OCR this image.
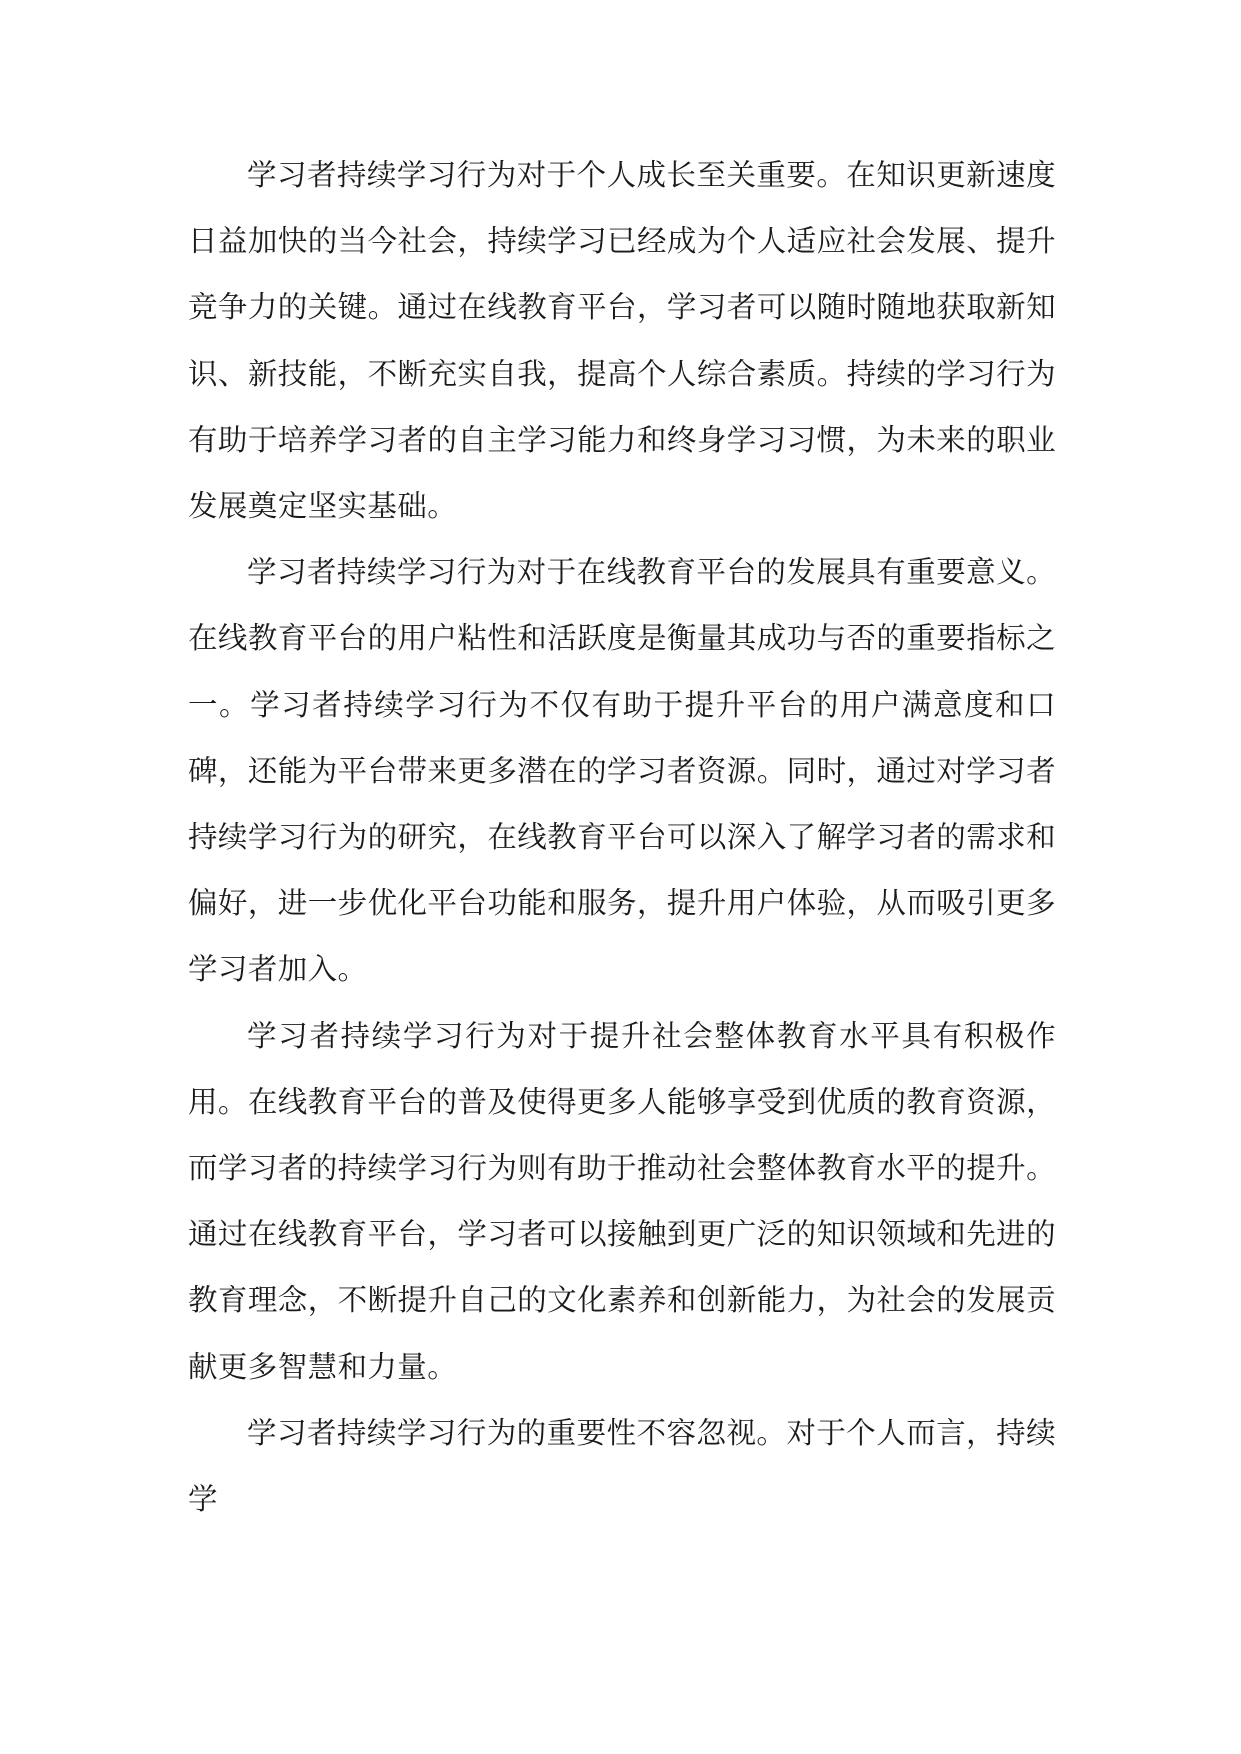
学习者持续学习行为对于个人成长至关重要。在知识更新速度日益加快的当今社会，持续学习已经成为个人适应社会发展、提升竞争力的关键。通过在线教育平台，学习者可以随时随地获取新知识、新技能，不断充实自我，提高个人综合素质。持续的学习行为有助于培养学习者的自主学习能力和终身学习习惯，为未来的职业发展奠定坚实基础。

学习者持续学习行为对于在线教育平台的发展具有重要意义。在线教育平台的用户粘性和活跃度是衡量其成功与否的重要指标之一。学习者持续学习行为不仅有助于提升平台的用户满意度和口碑，还能为平台带来更多潜在的学习者资源。同时，通过对学习者持续学习行为的研究，在线教育平台可以深入了解学习者的需求和偏好，进一步优化平台功能和服务，提升用户体验，从而吸引更多学习者加入。

学习者持续学习行为对于提升社会整体教育水平具有积极作用。在线教育平台的普及使得更多人能够享受到优质的教育资源，而学习者的持续学习行为则有助于推动社会整体教育水平的提升。通过在线教育平台，学习者可以接触到更广泛的知识领域和先进的教育理念，不断提升自己的文化素养和创新能力，为社会的发展贡献更多智慧和力量。

学习者持续学习行为的重要性不容忽视。对于个人而言，持续学
